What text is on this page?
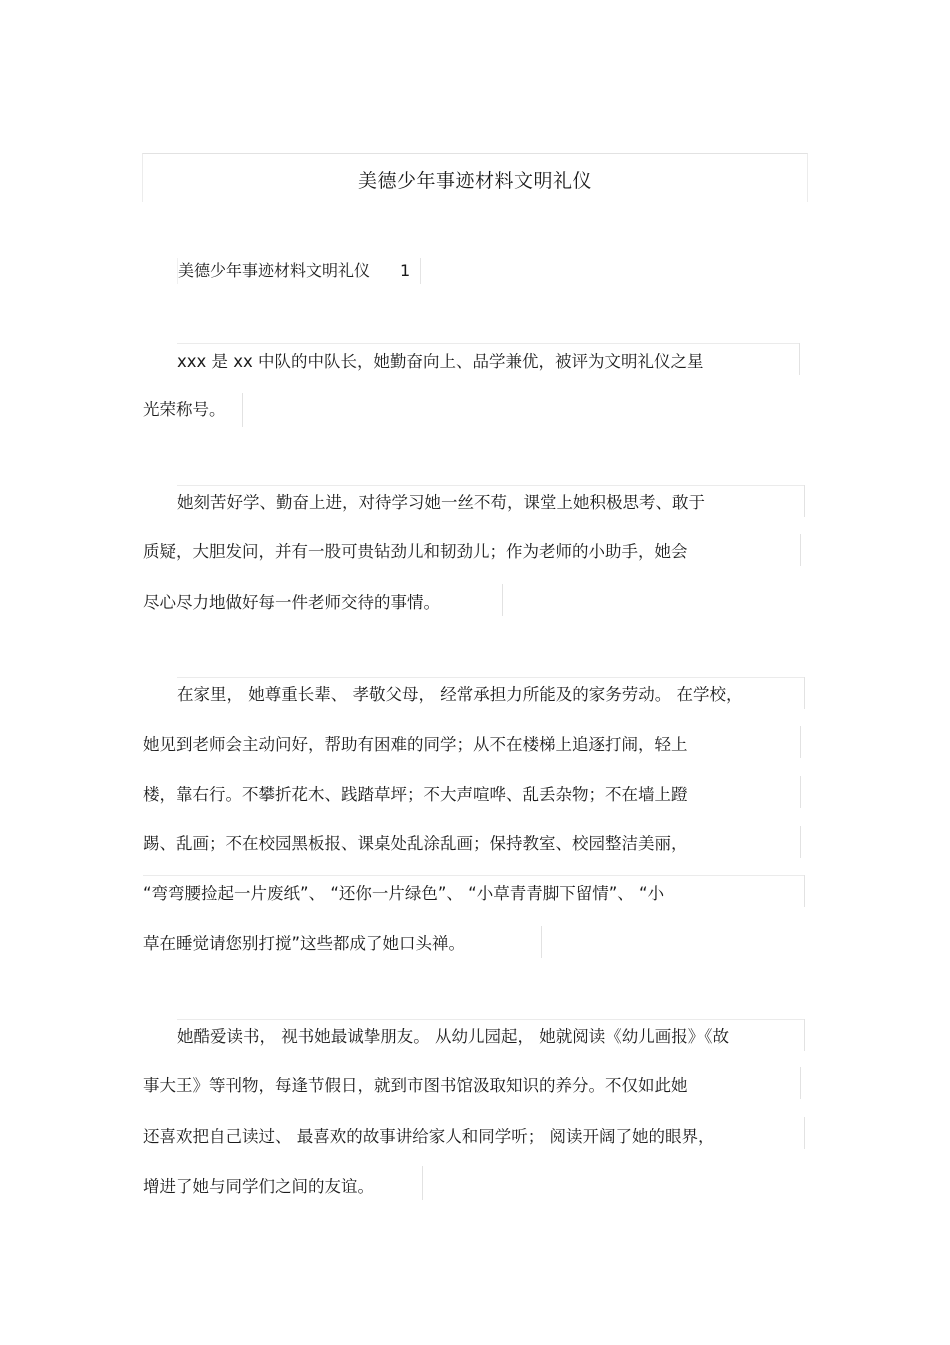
美德少年事迹材料文明礼仪
美德少年事迹材料文明礼仪 1
xxx 是 xx 中队的中队长，她勤奋向上、品学兼优，被评为文明礼仪之星
光荣称号。
她刻苦好学、勤奋上进，对待学习她一丝不苟，课堂上她积极思考、敢于
质疑，大胆发问，并有一股可贵钻劲儿和韧劲儿；作为老师的小助手，她会
尽心尽力地做好每一件老师交待的事情。
在家里， 她尊重长辈、 孝敬父母， 经常承担力所能及的家务劳动。 在学校，
她见到老师会主动问好，帮助有困难的同学；从不在楼梯上追逐打闹，轻上
楼，靠右行。不攀折花木、践踏草坪；不大声喧哗、乱丢杂物；不在墙上蹬
踢、乱画；不在校园黑板报、课桌处乱涂乱画；保持教室、校园整洁美丽，
“弯弯腰捡起一片废纸”、 “还你一片绿色”、 “小草青青脚下留情”、 “小
草在睡觉请您别打搅”这些都成了她口头禅。
她酷爱读书， 视书她最诚挚朋友。 从幼儿园起， 她就阅读《幼儿画报》《故
事大王》等刊物，每逢节假日，就到市图书馆汲取知识的养分。不仅如此她
还喜欢把自己读过、 最喜欢的故事讲给家人和同学听； 阅读开阔了她的眼界，
增进了她与同学们之间的友谊。
